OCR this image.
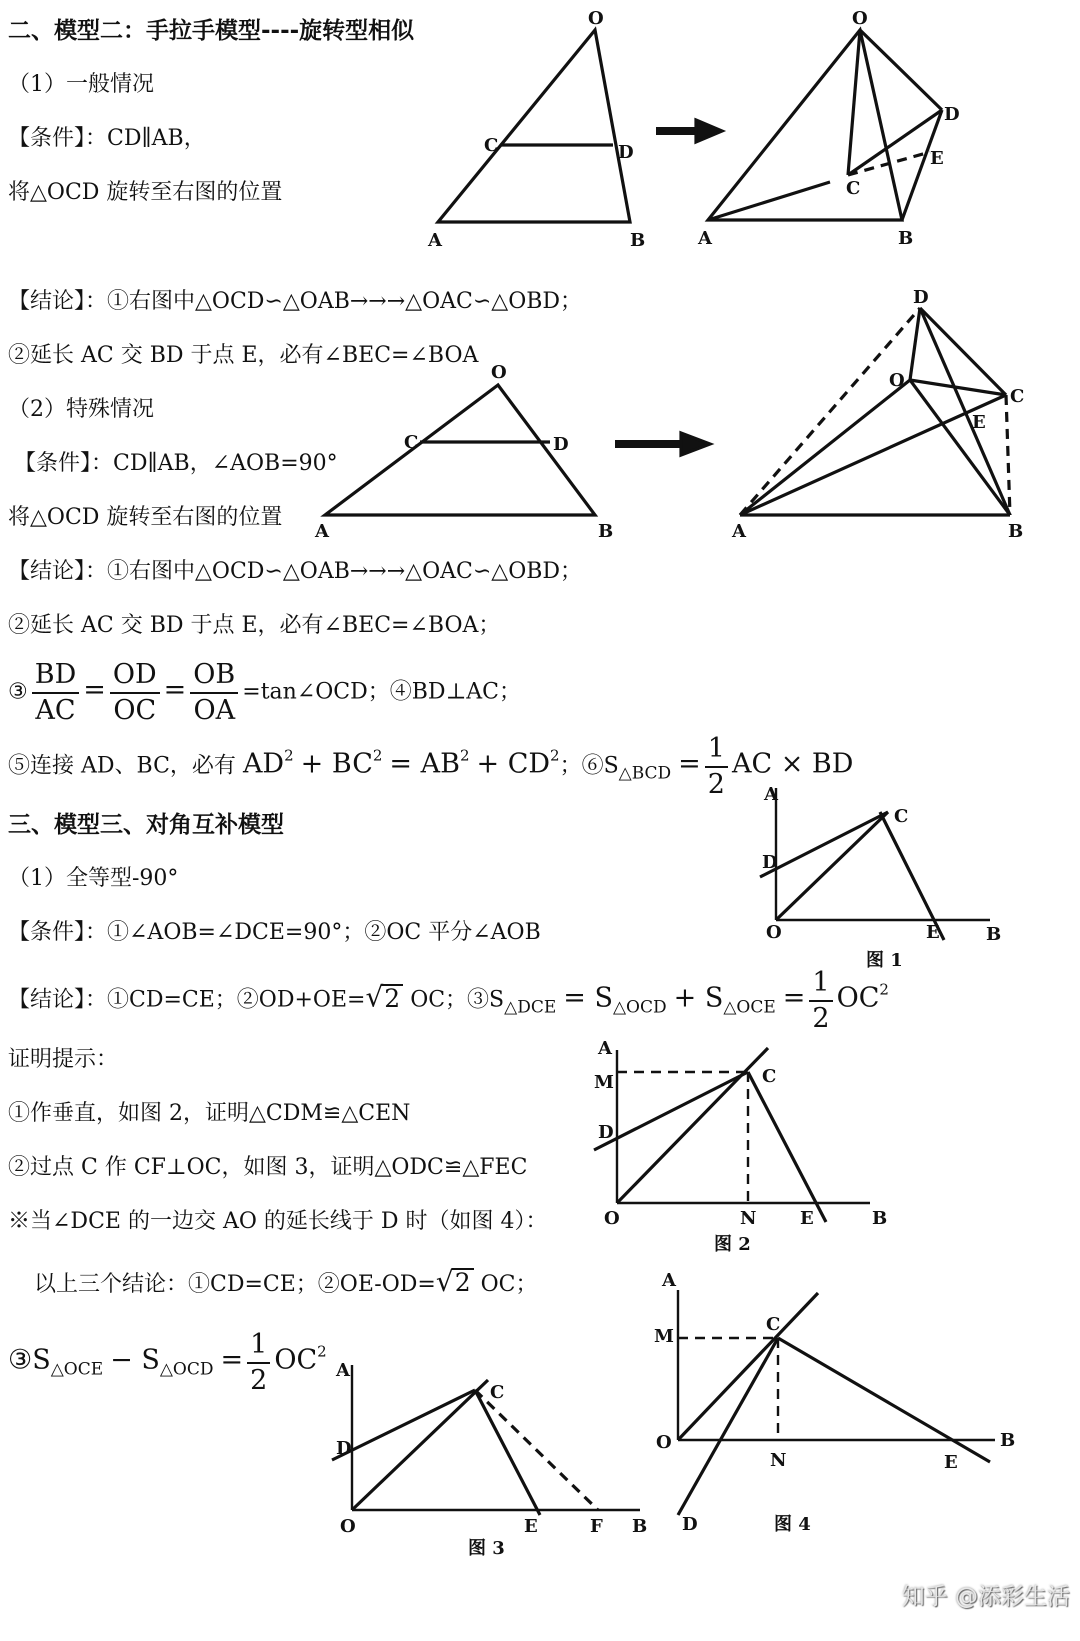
二、模型二：手拉手模型----旋转型相似
（1）一般情况
【条件】：CD∥AB，
将△OCD 旋转至右图的位置
【结论】：①右图中△OCD∽△OAB→→→△OAC∽△OBD；
②延长 AC 交 BD 于点 E，必有∠BEC=∠BOA
（2）特殊情况
【条件】：CD∥AB，∠AOB=90°
将△OCD 旋转至右图的位置
【结论】：①右图中△OCD∽△OAB→→→△OAC∽△OBD；
②延长 AC 交 BD 于点 E，必有∠BEC=∠BOA；
③ $\frac{BD}{AC} = \frac{OD}{OC} = \frac{OB}{OA}$ =tan∠OCD；④BD⊥AC；
⑤连接 AD、BC，必有 $AD^2 + BC^2 = AB^2 + CD^2$；$⑥S_{\triangle BCD} = \frac{1}{2}$ AC × BD
三、模型三、对角互补模型
（1）全等型-90°
【条件】：①∠AOB=∠DCE=90°；②OC 平分∠AOB
【结论】：①CD=CE；②OD+OE=√2 OC；$③S_{\triangle DCE} = S_{\triangle OCD} + S_{\triangle OCE} = \frac{1}{2} OC^2$
证明提示：
①作垂直，如图 2，证明△CDM≌△CEN
②过点 C 作 CF⊥OC，如图 3，证明△ODC≌△FEC
※当∠DCE 的一边交 AO 的延长线于 D 时（如图 4）：
以上三个结论：①CD=CE；②OE-OD=√2 OC；
$③S_{\triangle OCE} - S_{\triangle OCD} = \frac{1}{2} OC^2$
O
C	D
A	B
O
D
C
E
A	B
O
C	D
A	B
D
O
C
E
A	B
A
D
C
O	E	B
图 1
A
M
D
C
O	N E	B
图 2
A
D
C
O	E	F B
图 3
A
M
C
O
N	E
B
D	图 4
知乎 @添彩生活
